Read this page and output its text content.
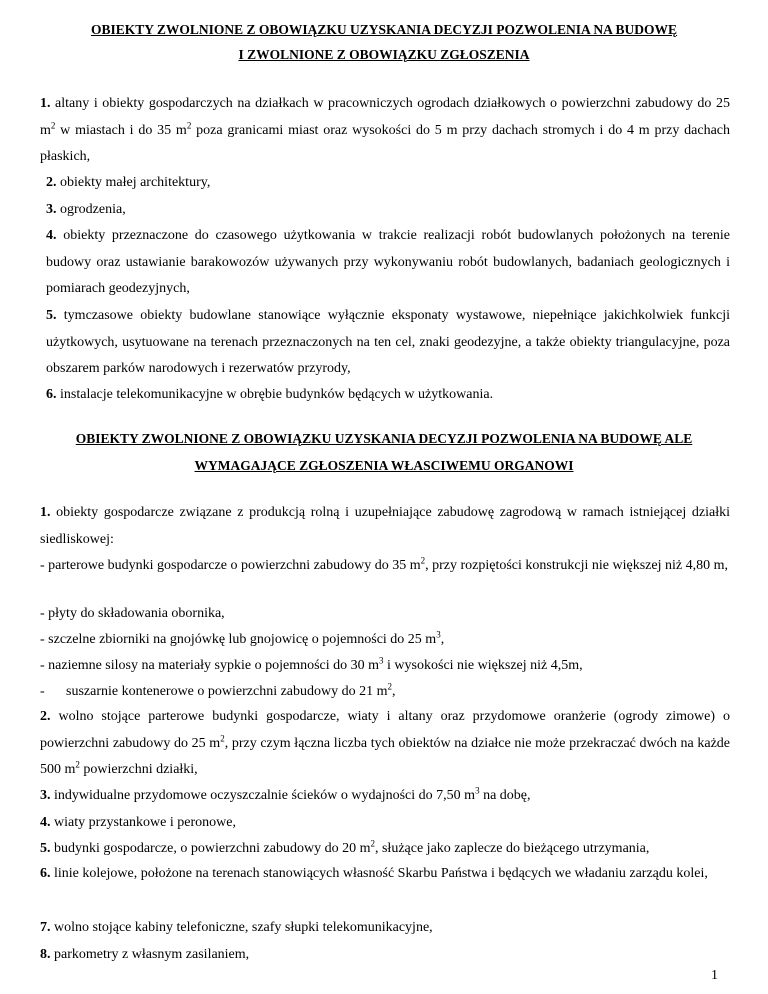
OBIEKTY ZWOLNIONE Z OBOWIĄZKU UZYSKANIA DECYZJI POZWOLENIA NA BUDOWĘ
I ZWOLNIONE Z OBOWIĄZKU ZGŁOSZENIA
1. altany i obiekty gospodarczych na działkach w pracowniczych ogrodach działkowych o powierzchni zabudowy do 25 $m^2$ w miastach i do 35 $m^2$ poza granicami miast oraz wysokości do 5 m przy dachach stromych i do 4 m przy dachach płaskich,
2. obiekty małej architektury,
3. ogrodzenia,
4. obiekty przeznaczone do czasowego użytkowania w trakcie realizacji robót budowlanych położonych na terenie budowy oraz ustawianie barakowozów używanych przy wykonywaniu robót budowlanych, badaniach geologicznych i pomiarach geodezyjnych,
5. tymczasowe obiekty budowlane stanowiące wyłącznie eksponaty wystawowe, niepełniące jakichkolwiek funkcji użytkowych, usytuowane na terenach przeznaczonych na ten cel, znaki geodezyjne, a także obiekty triangulacyjne, poza obszarem parków narodowych i rezerwatów przyrody,
6. instalacje telekomunikacyjne w obrębie budynków będących w użytkowania.
OBIEKTY ZWOLNIONE Z OBOWIĄZKU UZYSKANIA DECYZJI POZWOLENIA NA BUDOWĘ ALE
WYMAGAJĄCE ZGŁOSZENIA WŁASCIWEMU ORGANOWI
1. obiekty gospodarcze związane z produkcją rolną i uzupełniające zabudowę zagrodową w ramach istniejącej działki siedliskowej:
- parterowe budynki gospodarcze o powierzchni zabudowy do 35 $m^2$, przy rozpiętości konstrukcji nie większej niż 4,80 m,
- płyty do składowania obornika,
- szczelne zbiorniki na gnojówkę lub gnojowicę o pojemności do 25 $m^3$,
- naziemne silosy na materiały sypkie o pojemności do 30 $m^3$ i wysokości nie większej niż 4,5m,
- suszarnie kontenerowe o powierzchni zabudowy do 21 $m^2$,
2. wolno stojące parterowe budynki gospodarcze, wiaty i altany oraz przydomowe oranżerie (ogrody zimowe) o powierzchni zabudowy do 25 $m^2$, przy czym łączna liczba tych obiektów na działce nie może przekraczać dwóch na każde 500 $m^2$ powierzchni działki,
3. indywidualne przydomowe oczyszczalnie ścieków o wydajności do 7,50 $m^3$ na dobę,
4. wiaty przystankowe i peronowe,
5. budynki gospodarcze, o powierzchni zabudowy do 20 $m^2$, służące jako zaplecze do bieżącego utrzymania,
6. linie kolejowe, położone na terenach stanowiących własność Skarbu Państwa i będących we władaniu zarządu kolei,
7. wolno stojące kabiny telefoniczne, szafy słupki telekomunikacyjne,
8. parkometry z własnym zasilaniem,
1
